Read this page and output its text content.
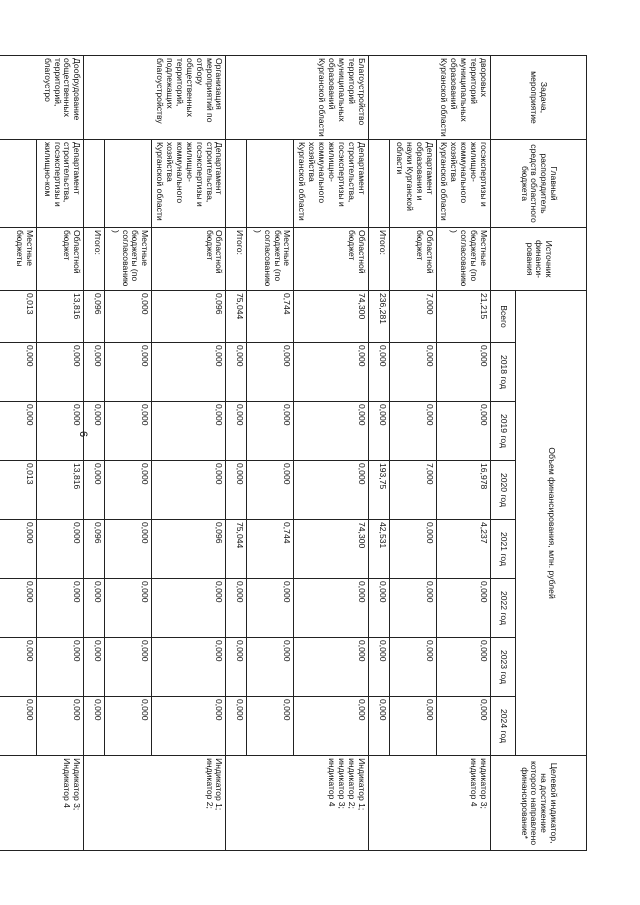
6
Задача, мероприятие	Главный распорядитель средств областного бюджета	Источник финанси-рования	Объем финансирования, млн. рублей								Целевой индикатор, на достижение которого направлено финансирование*
			Всего	2018 год	2019 год	2020 год	2021 год	2022 год	2023 год	2024 год	
дворовых территорий муниципальных образований Курганской области	госэкспертизы и жилищно-коммунального хозяйства Курганской области	Местные бюджеты (по согласованию)	21,215	0,000	0,000	16,978	4,237	0,000	0,000	0,000	индикатор 3; индикатор 4
	Департамент образования и науки Курганской области	Областной бюджет	7,000	0,000	0,000	7,000	0,000	0,000	0,000	0,000	
		Итого:	236,281	0,000	0,000	193,75	42,531	0,000	0,000	0,000	
Благоустройство территорий муниципальных образований Курганской области	Департамент строительства, госэкспертизы и жилищно-коммунального хозяйства Курганской области	Областной бюджет	74,300	0,000	0,000	0,000	74,300	0,000	0,000	0,000	Индикатор 1; индикатор 2; индикатор 3; индикатор 4
		Местные бюджеты (по согласованию)	0,744	0,000	0,000	0,000	0,744	0,000	0,000	0,000	
		Итого:	75,044	0,000	0,000	0,000	75,044	0,000	0,000	0,000	
Организация мероприятий по отбору общественных территорий, подлежащих благоустройству	Департамент строительства, госэкспертизы и жилищно-коммунального хозяйства Курганской области	Областной бюджет	0,096	0,000	0,000	0,000	0,096	0,000	0,000	0,000	Индикатор 1; индикатор 2;
		Местные бюджеты (по согласованию)	0,000	0,000	0,000	0,000	0,000	0,000	0,000	0,000	
		Итого:	0,096	0,000	0,000	0,000	0,096	0,000	0,000	0,000	
Дообрудование общественных территорий, благоустро	Департамент строительства, госэкспертизы и жилищно-ком	Областной бюджет	13,816	0,000	0,000	13,816	0,000	0,000	0,000	0,000	Индикатор 3; Индикатор 4
		Местные бюджеты	0,013	0,000	0,000	0,013	0,000	0,000	0,000	0,000	
